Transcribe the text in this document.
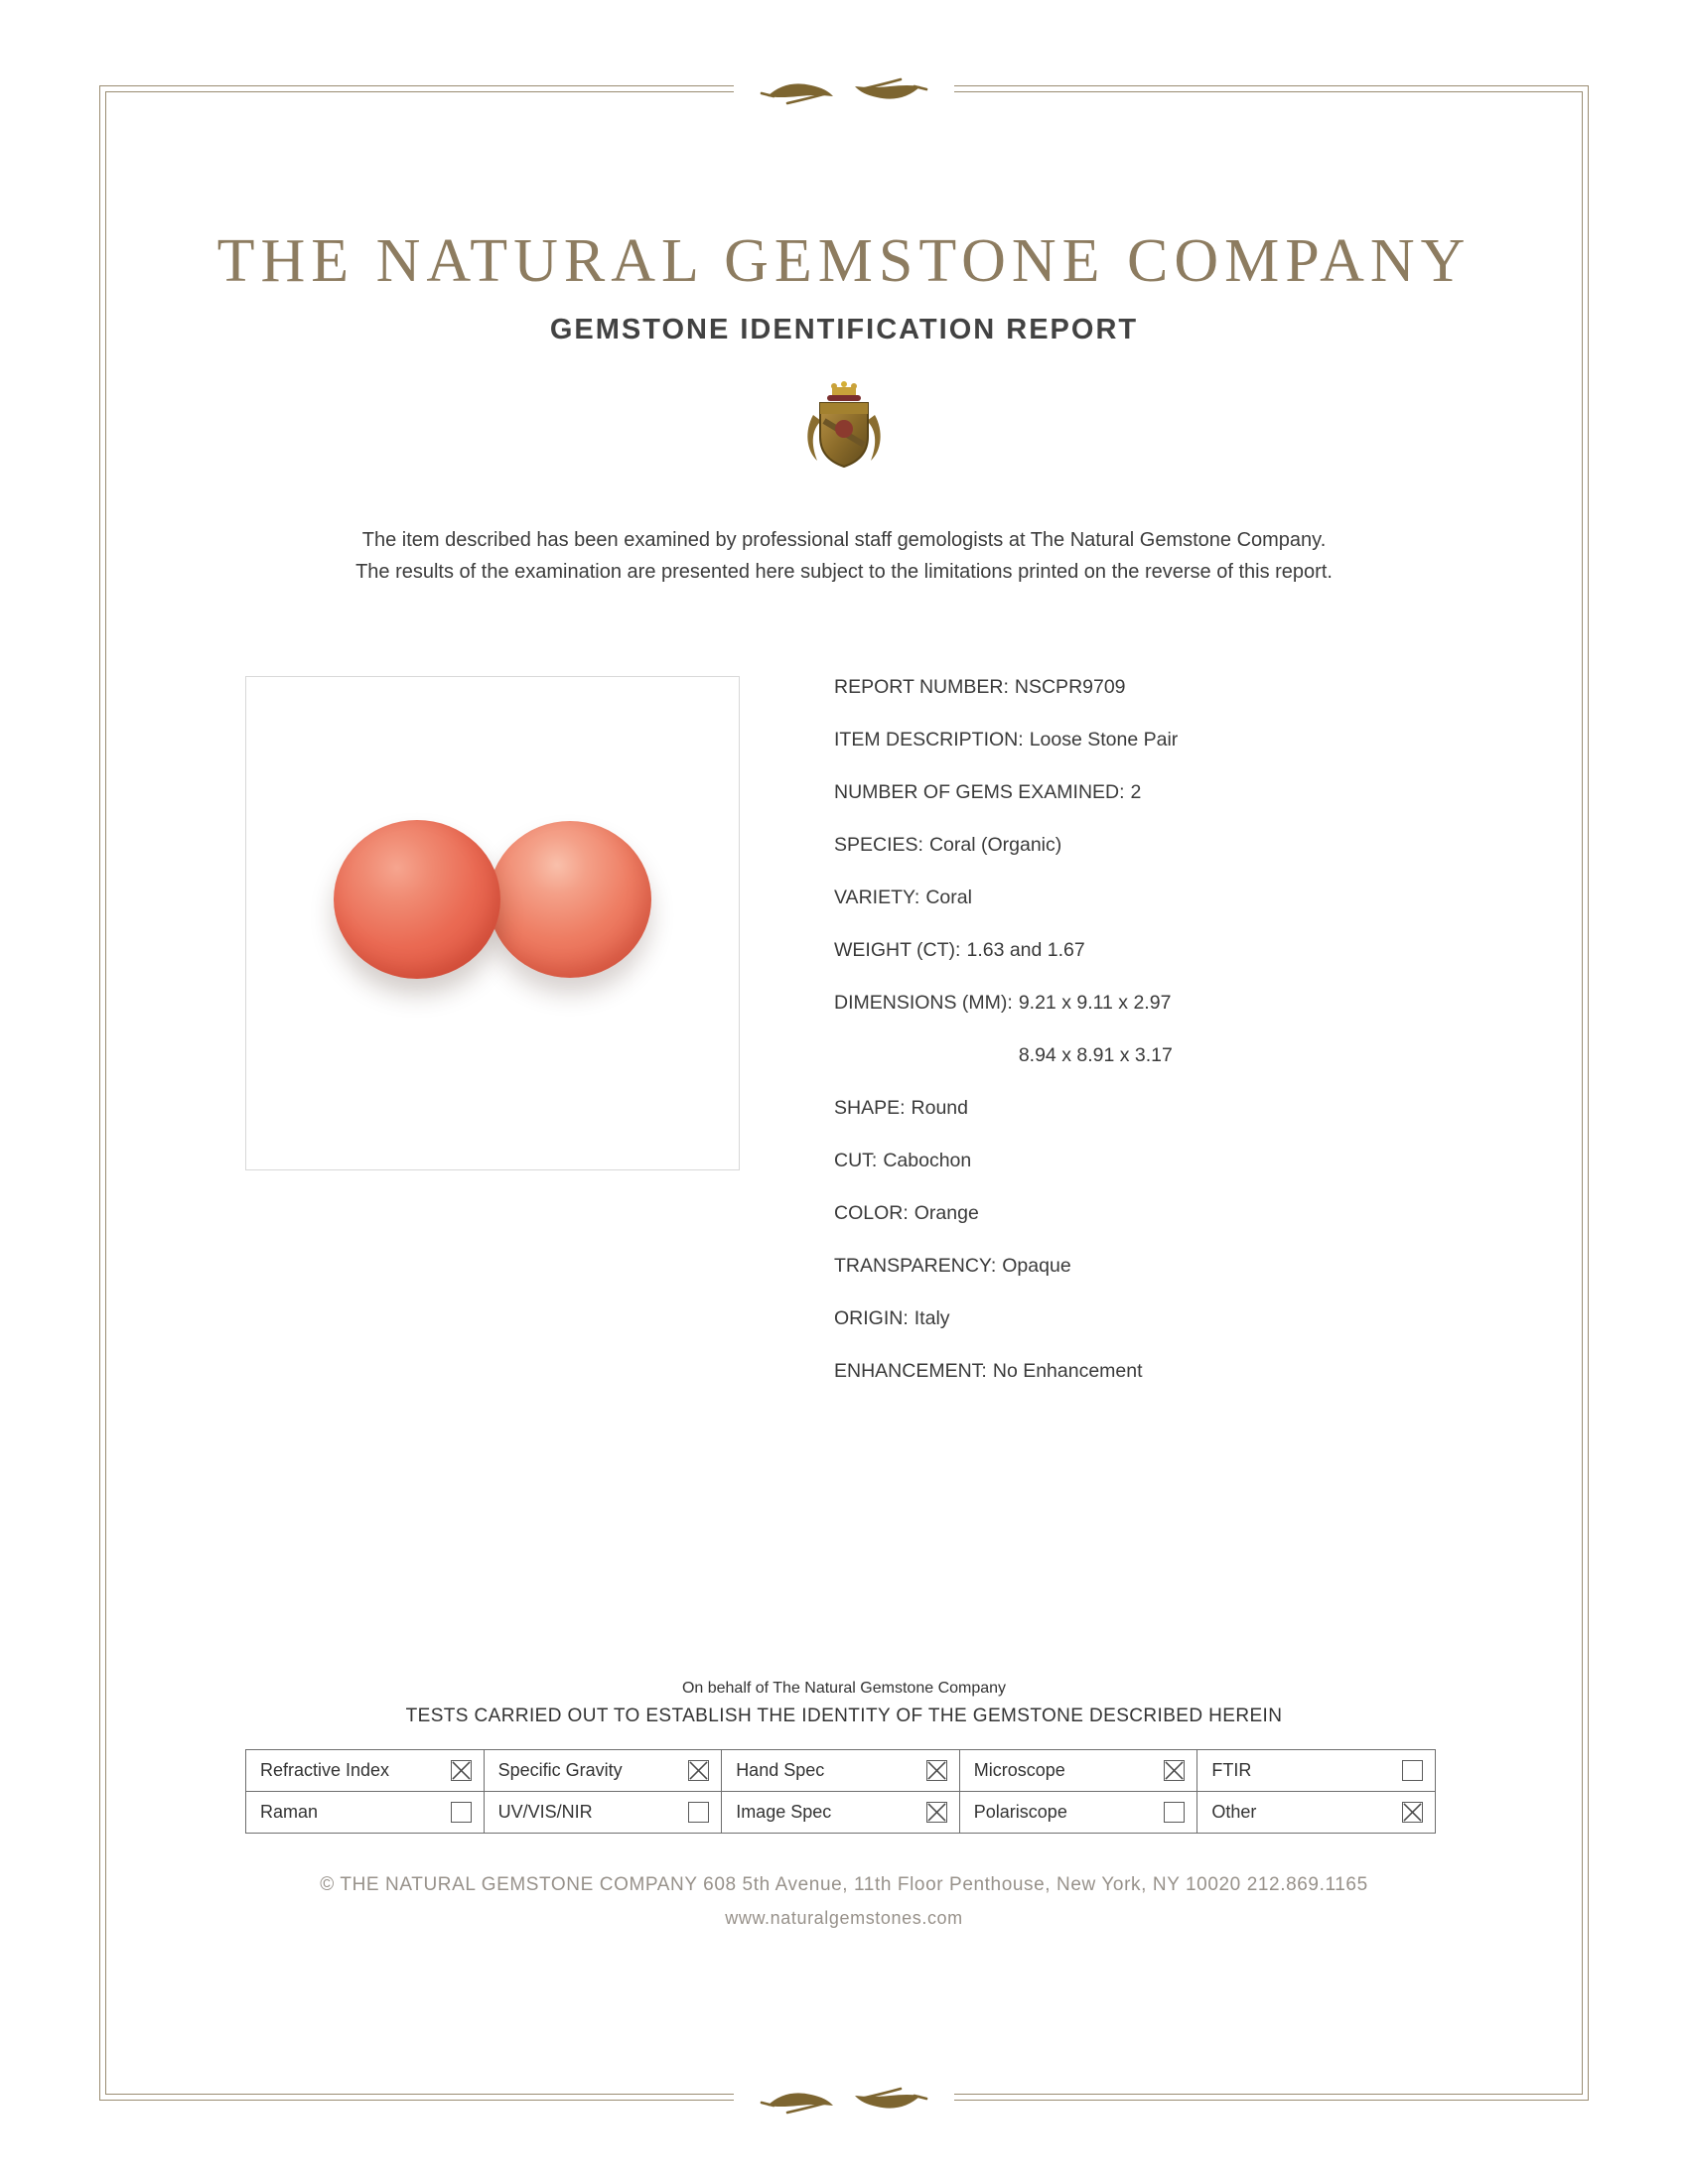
THE NATURAL GEMSTONE COMPANY
GEMSTONE IDENTIFICATION REPORT

The item described has been examined by professional staff gemologists at The Natural Gemstone Company.
The results of the examination are presented here subject to the limitations printed on the reverse of this report.

REPORT NUMBER: NSCPR9709
ITEM DESCRIPTION: Loose Stone Pair
NUMBER OF GEMS EXAMINED: 2
SPECIES: Coral (Organic)
VARIETY: Coral
WEIGHT (CT): 1.63 and 1.67
DIMENSIONS (MM): 9.21 x 9.11 x 2.97
8.94 x 8.91 x 3.17
SHAPE: Round
CUT: Cabochon
COLOR: Orange
TRANSPARENCY: Opaque
ORIGIN: Italy
ENHANCEMENT: No Enhancement
On behalf of The Natural Gemstone Company
TESTS CARRIED OUT TO ESTABLISH THE IDENTITY OF THE GEMSTONE DESCRIBED HEREIN
Refractive Index	Specific Gravity	Hand Spec	Microscope	FTIR

Raman	UV/VIS/NIR	Image Spec	Polariscope	Other
© THE NATURAL GEMSTONE COMPANY 608 5th Avenue, 11th Floor Penthouse, New York, NY 10020 212.869.1165
www.naturalgemstones.com
